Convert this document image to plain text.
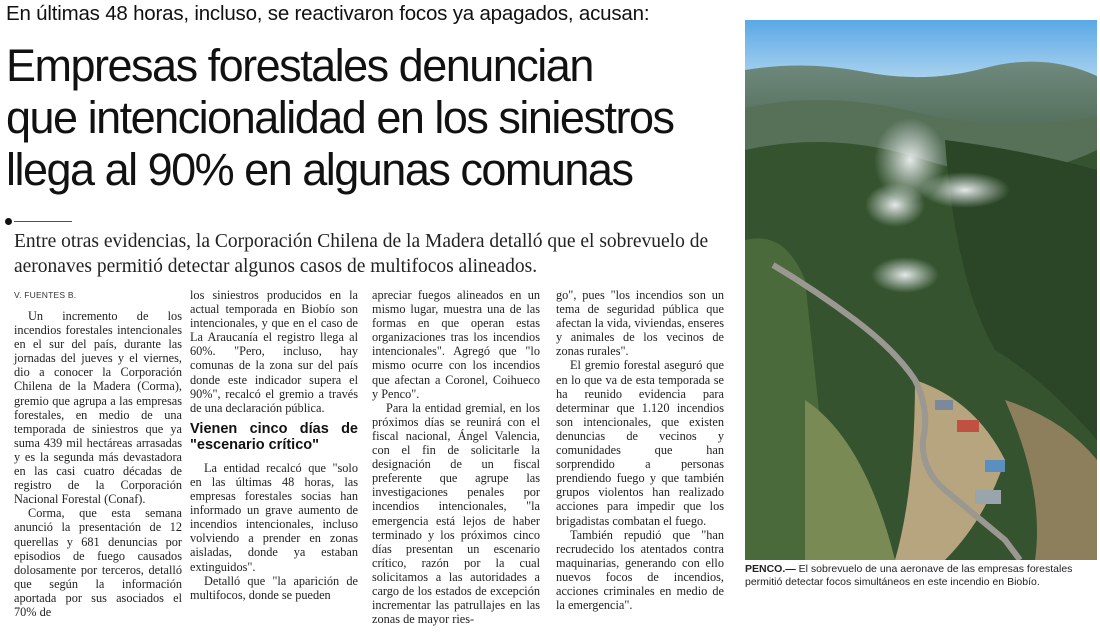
En últimas 48 horas, incluso, se reactivaron focos ya apagados, acusan:
Empresas forestales denuncian
que intencionalidad en los siniestros
llega al 90% en algunas comunas

Entre otras evidencias, la Corporación Chilena de la Madera detalló que el sobrevuelo de aeronaves permitió detectar algunos casos de multifocos alineados.

V. FUENTES B.

Un incremento de los incendios forestales intencionales en el sur del país, durante las jornadas del jueves y el viernes, dio a conocer la Corporación Chilena de la Madera (Corma), gremio que agrupa a las empresas forestales, en medio de una temporada de siniestros que ya suma 439 mil hectáreas arrasadas y es la segunda más devastadora en las casi cuatro décadas de registro de la Corporación Nacional Forestal (Conaf).

Corma, que esta semana anunció la presentación de 12 querellas y 681 denuncias por episodios de fuego causados dolosamente por terceros, detalló que según la información aportada por sus asociados el 70% de

los siniestros producidos en la actual temporada en Biobío son intencionales, y que en el caso de La Araucanía el registro llega al 60%. "Pero, incluso, hay comunas de la zona sur del país donde este indicador supera el 90%", recalcó el gremio a través de una declaración pública.

Vienen cinco días de "escenario crítico"

La entidad recalcó que "solo en las últimas 48 horas, las empresas forestales socias han informado un grave aumento de incendios intencionales, incluso volviendo a prender en zonas aisladas, donde ya estaban extinguidos".

Detalló que "la aparición de multifocos, donde se pueden

apreciar fuegos alineados en un mismo lugar, muestra una de las formas en que operan estas organizaciones tras los incendios intencionales". Agregó que "lo mismo ocurre con los incendios que afectan a Coronel, Coihueco y Penco".

Para la entidad gremial, en los próximos días se reunirá con el fiscal nacional, Ángel Valencia, con el fin de solicitarle la designación de un fiscal preferente que agrupe las investigaciones penales por incendios intencionales, "la emergencia está lejos de haber terminado y los próximos cinco días presentan un escenario crítico, razón por la cual solicitamos a las autoridades a cargo de los estados de excepción incrementar las patrullajes en las zonas de mayor ries-

go", pues "los incendios son un tema de seguridad pública que afectan la vida, viviendas, enseres y animales de los vecinos de zonas rurales".

El gremio forestal aseguró que en lo que va de esta temporada se ha reunido evidencia para determinar que 1.120 incendios son intencionales, que existen denuncias de vecinos y comunidades que han sorprendido a personas prendiendo fuego y que también grupos violentos han realizado acciones para impedir que los brigadistas combatan el fuego.

También repudió que "han recrudecido los atentados contra maquinarias, generando con ello nuevos focos de incendios, acciones criminales en medio de la emergencia".

PENCO.— El sobrevuelo de una aeronave de las empresas forestales permitió detectar focos simultáneos en este incendio en Biobío.
